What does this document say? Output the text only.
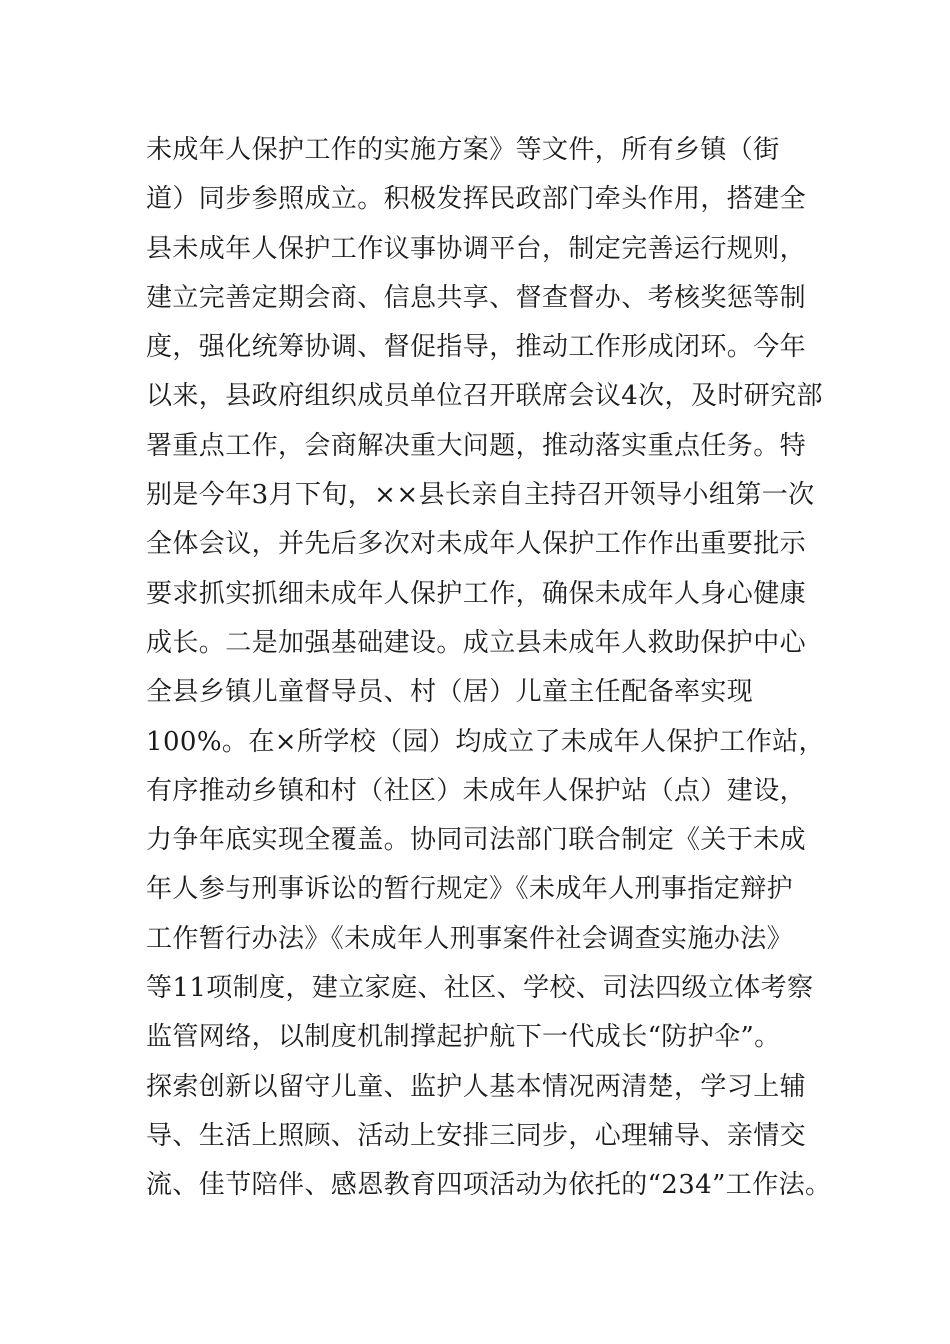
未成年人保护工作的实施方案》等文件，所有乡镇（街
道）同步参照成立。积极发挥民政部门牵头作用，搭建全
县未成年人保护工作议事协调平台，制定完善运行规则，
建立完善定期会商、信息共享、督查督办、考核奖惩等制
度，强化统筹协调、督促指导，推动工作形成闭环。今年
以来，县政府组织成员单位召开联席会议4次，及时研究部
署重点工作，会商解决重大问题，推动落实重点任务。特
别是今年3月下旬，××县长亲自主持召开领导小组第一次
全体会议，并先后多次对未成年人保护工作作出重要批示
要求抓实抓细未成年人保护工作，确保未成年人身心健康
成长。二是加强基础建设。成立县未成年人救助保护中心
全县乡镇儿童督导员、村（居）儿童主任配备率实现
100%。在×所学校（园）均成立了未成年人保护工作站，
有序推动乡镇和村（社区）未成年人保护站（点）建设，
力争年底实现全覆盖。协同司法部门联合制定《关于未成
年人参与刑事诉讼的暂行规定》《未成年人刑事指定辩护
工作暂行办法》《未成年人刑事案件社会调查实施办法》
等11项制度，建立家庭、社区、学校、司法四级立体考察
监管网络，以制度机制撑起护航下一代成长“防护伞”。
探索创新以留守儿童、监护人基本情况两清楚，学习上辅
导、生活上照顾、活动上安排三同步，心理辅导、亲情交
流、佳节陪伴、感恩教育四项活动为依托的“234”工作法。
